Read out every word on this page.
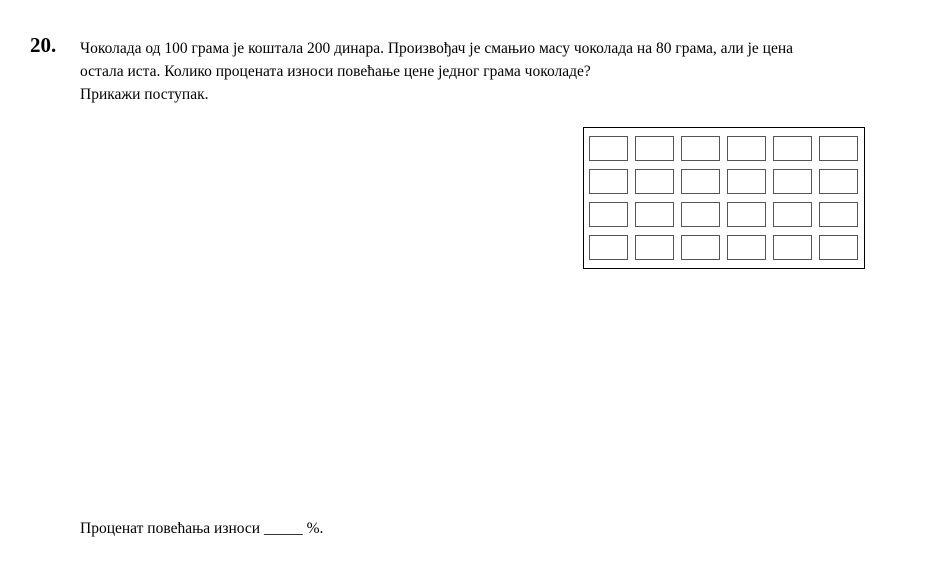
20. Чоколада од 100 грама је коштала 200 динара. Произвођач је смањио масу чоколада на 80 грама, али је цена

остала иста. Колико процената износи повећање цене једног грама чоколаде?

Прикажи поступак.

Проценат повећања износи _____ %.
